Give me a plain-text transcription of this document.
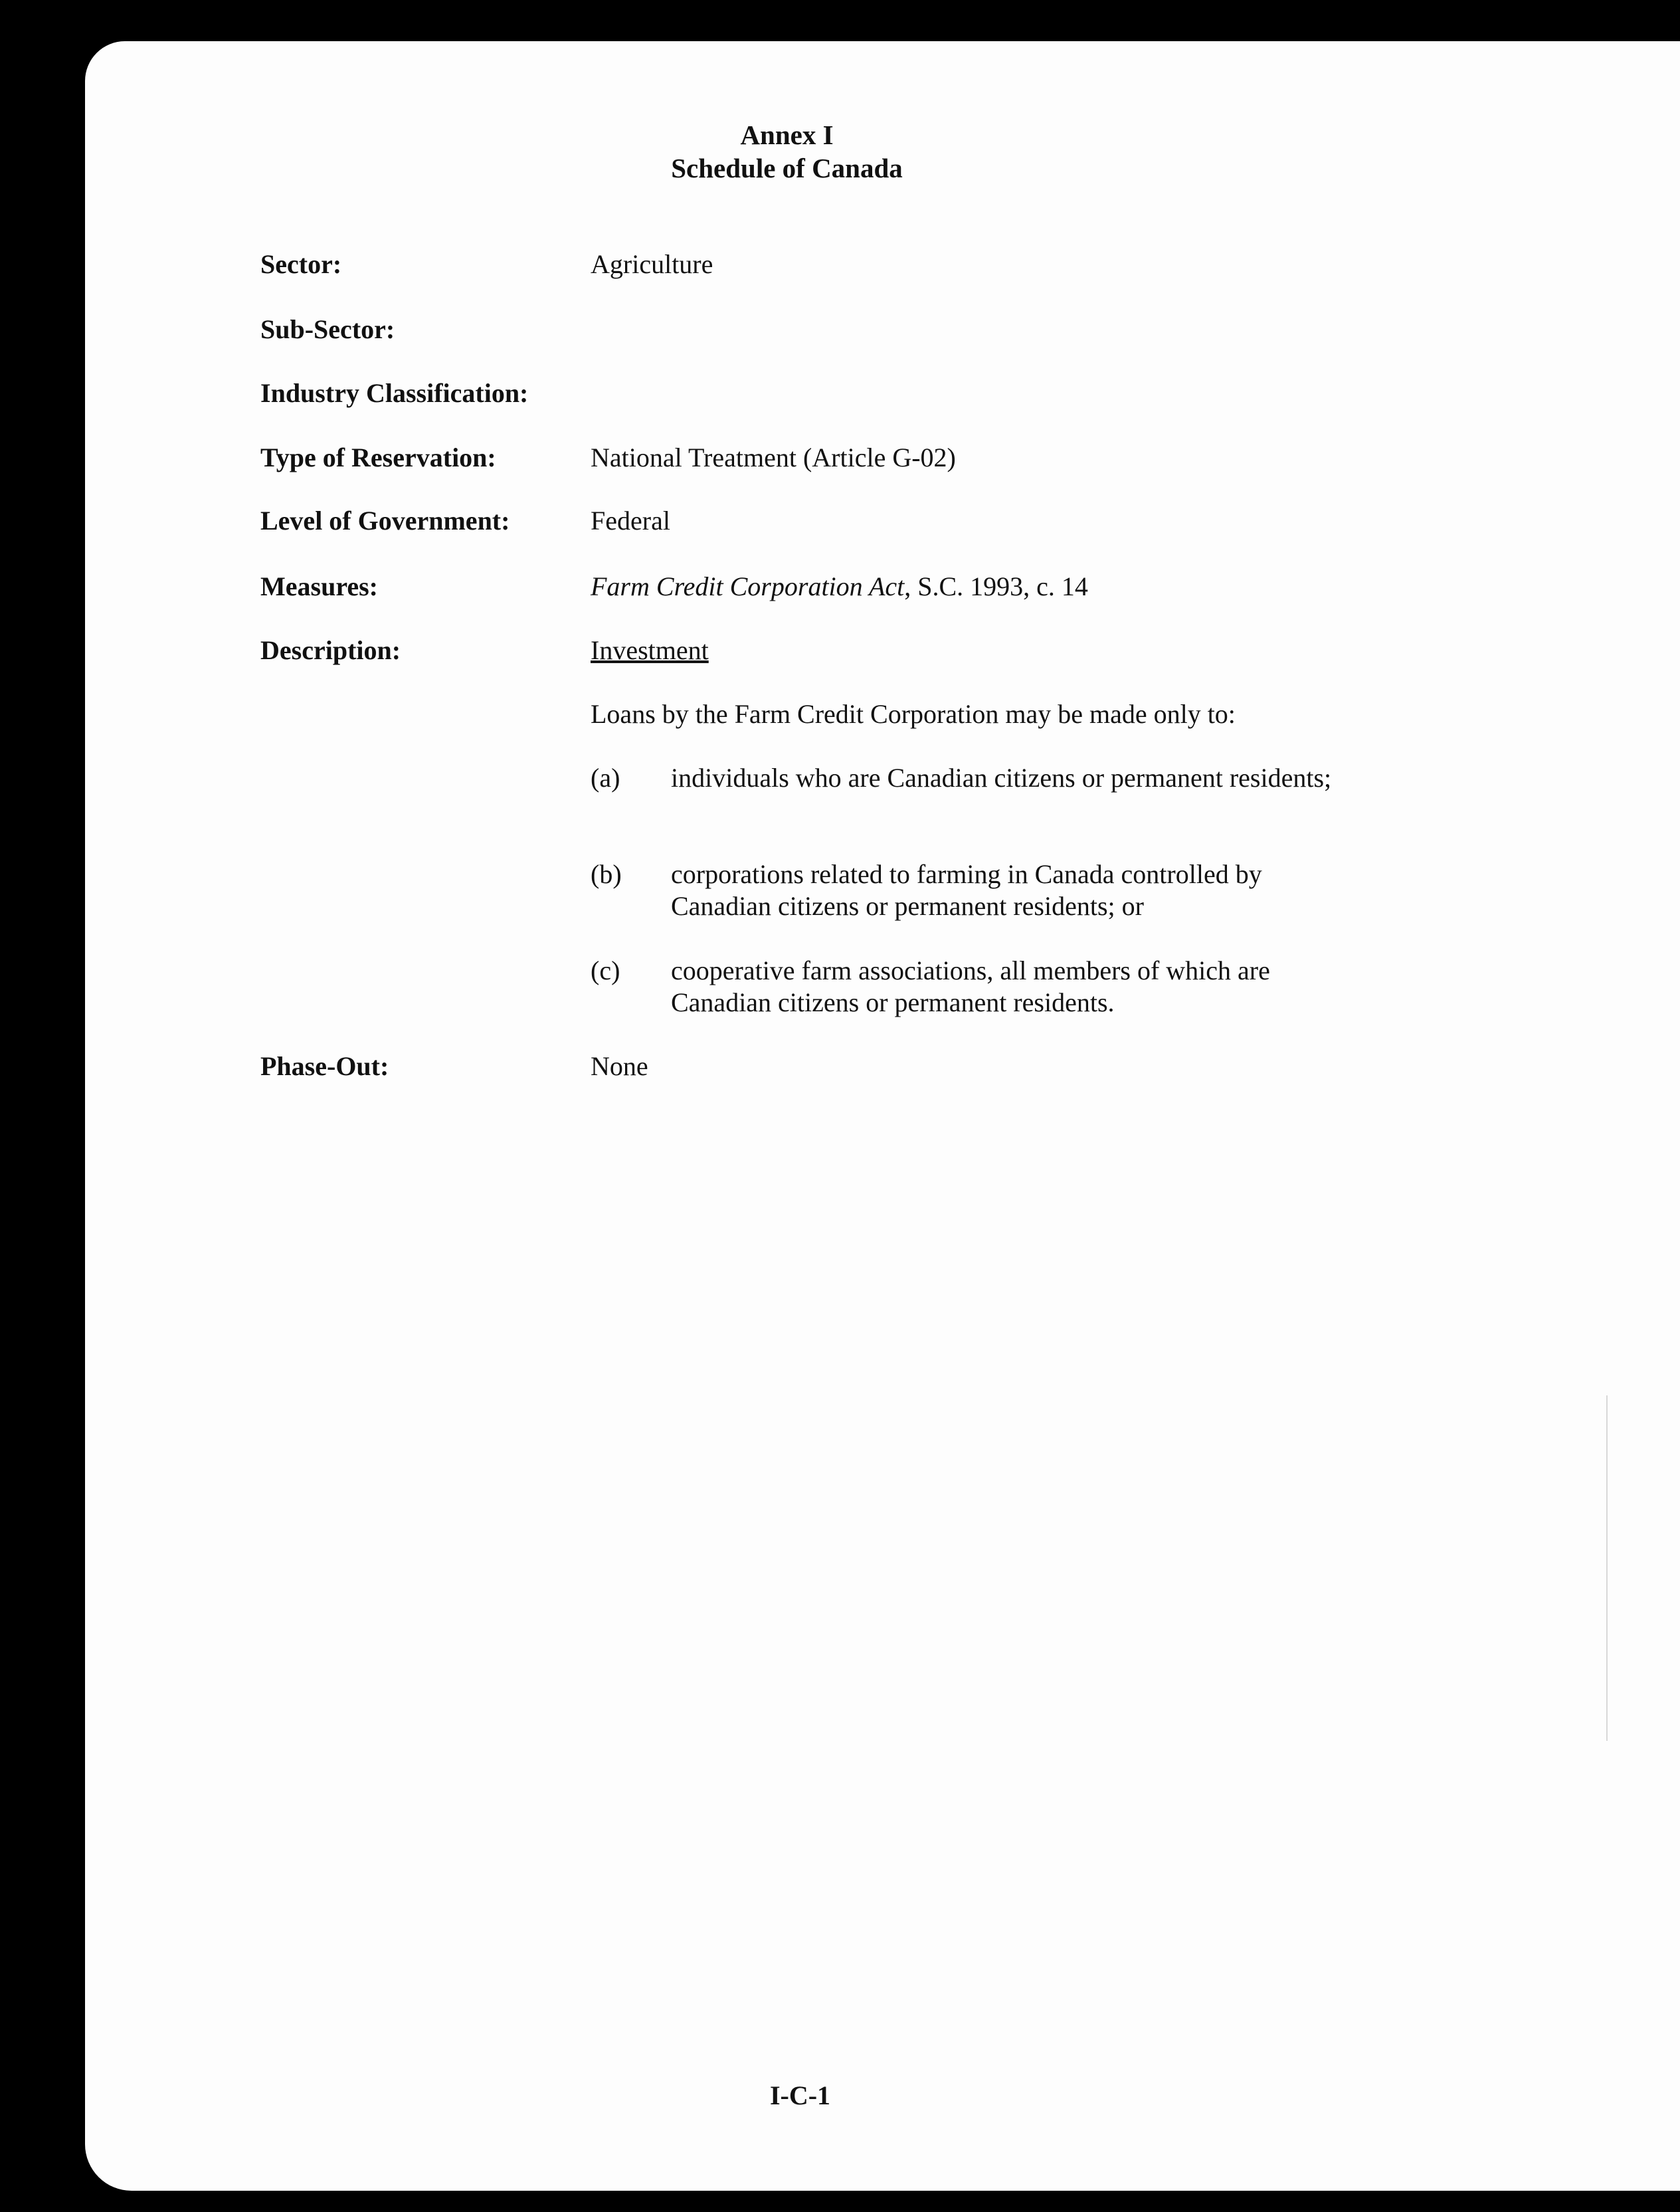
Annex I
Schedule of Canada
Sector:	Agriculture
Sub-Sector:
Industry Classification:
Type of Reservation:	National Treatment (Article G-02)
Level of Government:	Federal
Measures:	Farm Credit Corporation Act, S.C. 1993, c. 14
Description:	Investment
Loans by the Farm Credit Corporation may be made only to:
(a) individuals who are Canadian citizens or permanent residents;
(b) corporations related to farming in Canada controlled by Canadian citizens or permanent residents; or
(c) cooperative farm associations, all members of which are Canadian citizens or permanent residents.
Phase-Out:	None
I-C-1
